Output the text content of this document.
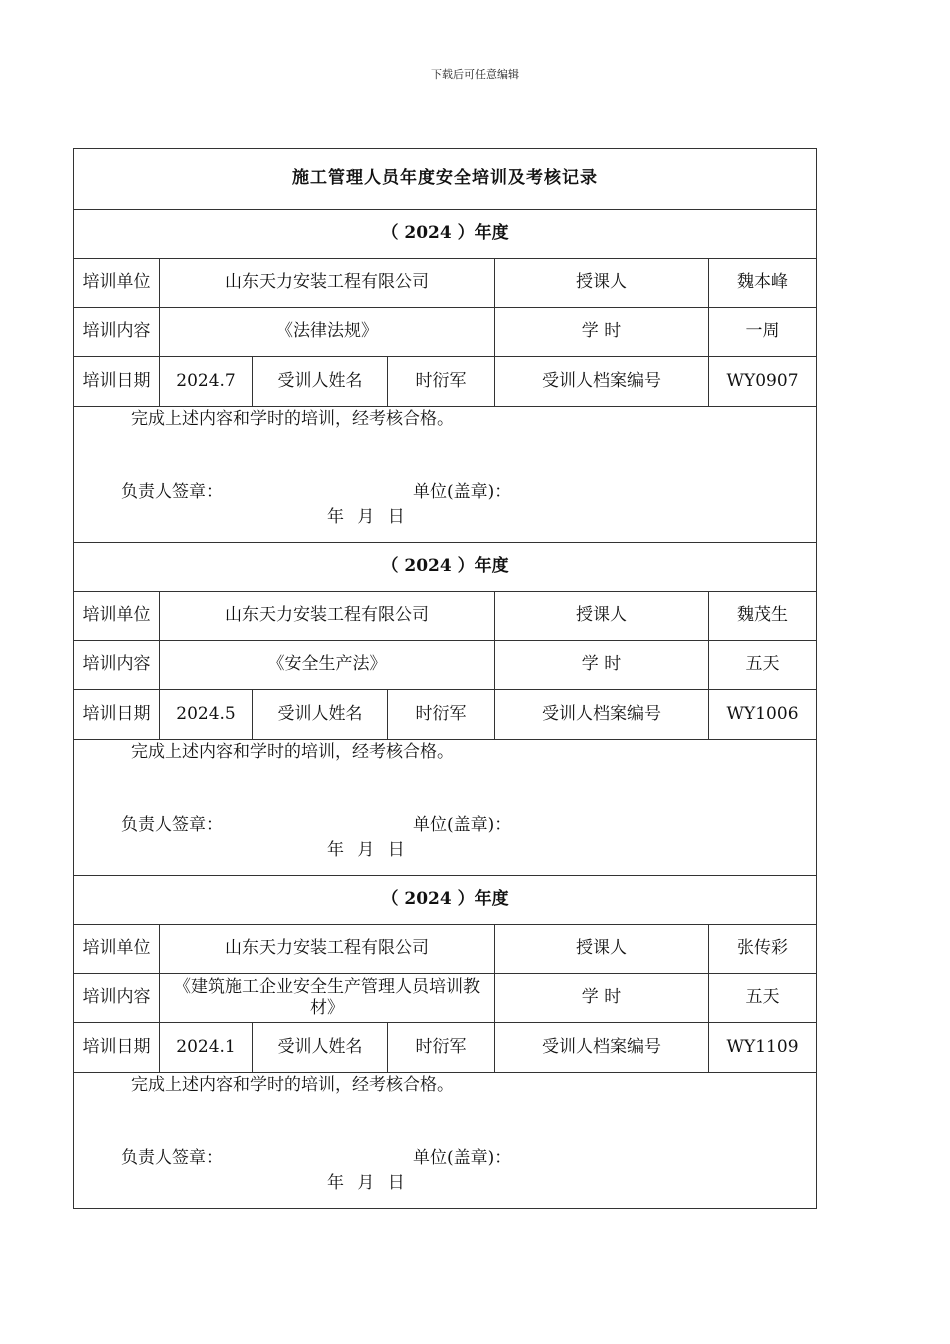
下载后可任意编辑
施工管理人员年度安全培训及考核记录					
（ 2024 ）年度					
培训单位	山东天力安装工程有限公司			授课人	魏本峰
培训内容	《法律法规》			学 时	一周
培训日期	2024.7	受训人姓名	时衍军	受训人档案编号	WY0907

完成上述内容和学时的培训，经考核合格。
负责人签章： 单位(盖章)：
年 月 日					

（ 2024 ）年度					
培训单位	山东天力安装工程有限公司			授课人	魏茂生
培训内容	《安全生产法》			学 时	五天
培训日期	2024.5	受训人姓名	时衍军	受训人档案编号	WY1006

完成上述内容和学时的培训，经考核合格。
负责人签章： 单位(盖章)：
年 月 日					

（ 2024 ）年度					
培训单位	山东天力安装工程有限公司			授课人	张传彩
培训内容	《建筑施工企业安全生产管理人员培训教材》			学 时	五天
培训日期	2024.1	受训人姓名	时衍军	受训人档案编号	WY1109

完成上述内容和学时的培训，经考核合格。
负责人签章： 单位(盖章)：
年 月 日					
